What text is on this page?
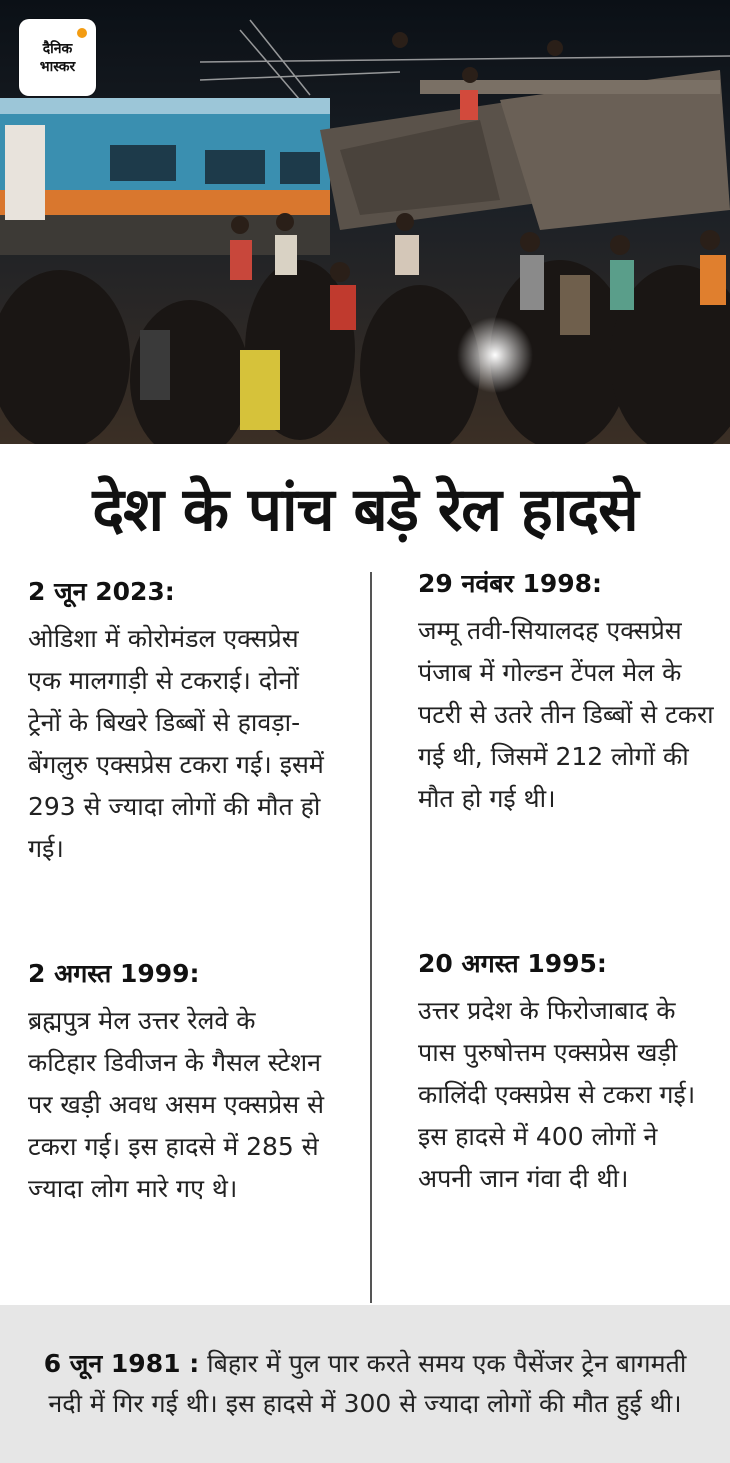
दैनिक
भास्कर
देश के पांच बड़े रेल हादसे
2 जून 2023:
ओडिशा में कोरोमंडल एक्सप्रेस एक मालगाड़ी से टकराई। दोनों ट्रेनों के बिखरे डिब्बों से हावड़ा-बेंगलुरु एक्सप्रेस टकरा गई। इसमें 293 से ज्यादा लोगों की मौत हो गई।
2 अगस्त 1999:
ब्रह्मपुत्र मेल उत्तर रेलवे के कटिहार डिवीजन के गैसल स्टेशन पर खड़ी अवध असम एक्सप्रेस से टकरा गई। इस हादसे में 285 से ज्यादा लोग मारे गए थे।
29 नवंबर 1998:
जम्मू तवी-सियालदह एक्सप्रेस पंजाब में गोल्डन टेंपल मेल के पटरी से उतरे तीन डिब्बों से टकरा गई थी, जिसमें 212 लोगों की मौत हो गई थी।
20 अगस्त 1995:
उत्तर प्रदेश के फिरोजाबाद के पास पुरुषोत्तम एक्सप्रेस खड़ी कालिंदी एक्सप्रेस से टकरा गई। इस हादसे में 400 लोगों ने अपनी जान गंवा दी थी।

6 जून 1981 : बिहार में पुल पार करते समय एक पैसेंजर ट्रेन बागमती नदी में गिर गई थी। इस हादसे में 300 से ज्यादा लोगों की मौत हुई थी।
